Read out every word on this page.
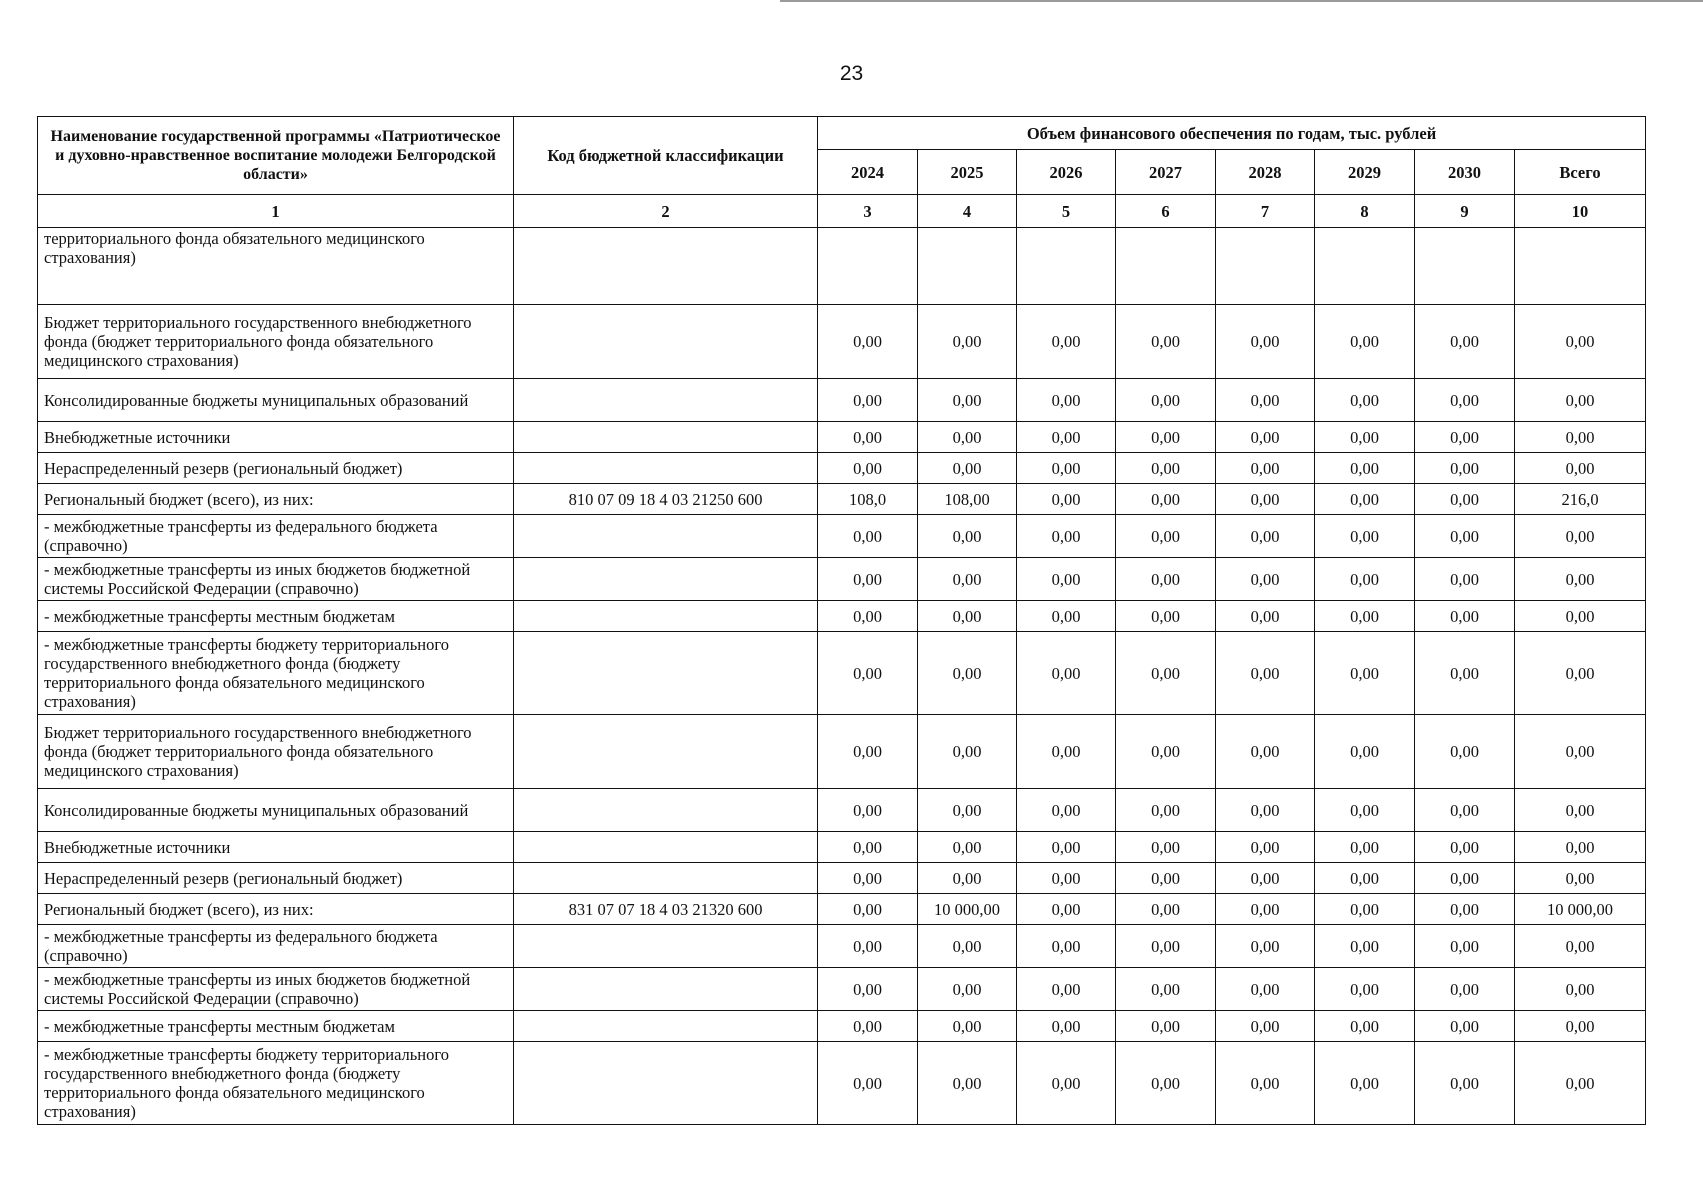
23
Наименование государственной программы «Патриотическое и духовно-нравственное воспитание молодежи Белгородской области»	Код бюджетной классификации	Объем финансового обеспечения по годам, тыс. рублей							
		2024	2025	2026	2027	2028	2029	2030	Всего
1	2	3	4	5	6	7	8	9	10
территориального фонда обязательного медицинского страхования)									
Бюджет территориального государственного внебюджетного фонда (бюджет территориального фонда обязательного медицинского страхования)		0,00	0,00	0,00	0,00	0,00	0,00	0,00	0,00
Консолидированные бюджеты муниципальных образований		0,00	0,00	0,00	0,00	0,00	0,00	0,00	0,00
Внебюджетные источники		0,00	0,00	0,00	0,00	0,00	0,00	0,00	0,00
Нераспределенный резерв (региональный бюджет)		0,00	0,00	0,00	0,00	0,00	0,00	0,00	0,00
Региональный бюджет (всего), из них:	810 07 09 18 4 03 21250 600	108,0	108,00	0,00	0,00	0,00	0,00	0,00	216,0
- межбюджетные трансферты из федерального бюджета (справочно)		0,00	0,00	0,00	0,00	0,00	0,00	0,00	0,00
- межбюджетные трансферты из иных бюджетов бюджетной системы Российской Федерации (справочно)		0,00	0,00	0,00	0,00	0,00	0,00	0,00	0,00
- межбюджетные трансферты местным бюджетам		0,00	0,00	0,00	0,00	0,00	0,00	0,00	0,00
- межбюджетные трансферты бюджету территориального государственного внебюджетного фонда (бюджету территориального фонда обязательного медицинского страхования)		0,00	0,00	0,00	0,00	0,00	0,00	0,00	0,00
Бюджет территориального государственного внебюджетного фонда (бюджет территориального фонда обязательного медицинского страхования)		0,00	0,00	0,00	0,00	0,00	0,00	0,00	0,00
Консолидированные бюджеты муниципальных образований		0,00	0,00	0,00	0,00	0,00	0,00	0,00	0,00
Внебюджетные источники		0,00	0,00	0,00	0,00	0,00	0,00	0,00	0,00
Нераспределенный резерв (региональный бюджет)		0,00	0,00	0,00	0,00	0,00	0,00	0,00	0,00
Региональный бюджет (всего), из них:	831 07 07 18 4 03 21320 600	0,00	10 000,00	0,00	0,00	0,00	0,00	0,00	10 000,00
- межбюджетные трансферты из федерального бюджета (справочно)		0,00	0,00	0,00	0,00	0,00	0,00	0,00	0,00
- межбюджетные трансферты из иных бюджетов бюджетной системы Российской Федерации (справочно)		0,00	0,00	0,00	0,00	0,00	0,00	0,00	0,00
- межбюджетные трансферты местным бюджетам		0,00	0,00	0,00	0,00	0,00	0,00	0,00	0,00
- межбюджетные трансферты бюджету территориального государственного внебюджетного фонда (бюджету территориального фонда обязательного медицинского страхования)		0,00	0,00	0,00	0,00	0,00	0,00	0,00	0,00
